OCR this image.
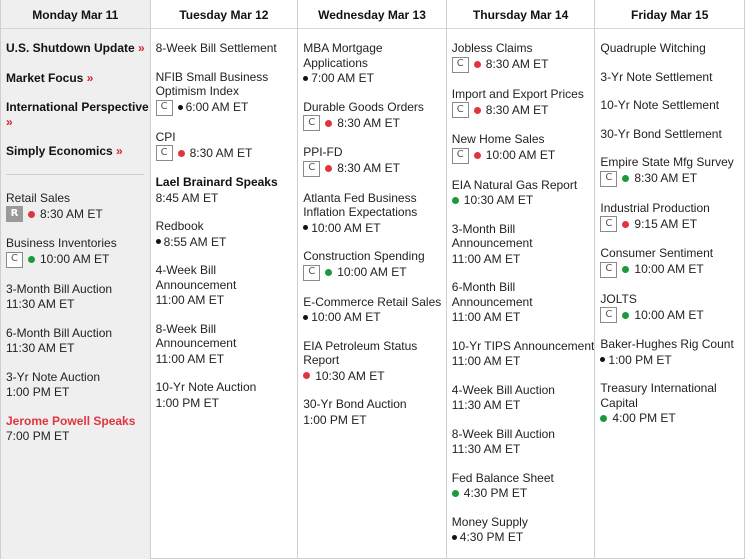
Monday Mar 11
U.S. Shutdown Update »
Market Focus »
International Perspective »
Simply Economics »
Retail Sales
R	8:30 AM ET
Business Inventories
C	10:00 AM ET
3-Month Bill Auction
11:30 AM ET
6-Month Bill Auction
11:30 AM ET
3-Yr Note Auction
1:00 PM ET
Jerome Powell Speaks
7:00 PM ET
Tuesday Mar 12
8-Week Bill Settlement
NFIB Small Business Optimism Index
C	6:00 AM ET
CPI
C	8:30 AM ET
Lael Brainard Speaks
8:45 AM ET
Redbook
8:55 AM ET
4-Week Bill Announcement
11:00 AM ET
8-Week Bill Announcement
11:00 AM ET
10-Yr Note Auction
1:00 PM ET
Wednesday Mar 13
MBA Mortgage Applications
7:00 AM ET
Durable Goods Orders
C	8:30 AM ET
PPI-FD
C	8:30 AM ET
Atlanta Fed Business Inflation Expectations
10:00 AM ET
Construction Spending
C	10:00 AM ET
E-Commerce Retail Sales
10:00 AM ET
EIA Petroleum Status Report
10:30 AM ET
30-Yr Bond Auction
1:00 PM ET
Thursday Mar 14
Jobless Claims
C	8:30 AM ET
Import and Export Prices
C	8:30 AM ET
New Home Sales
C	10:00 AM ET
EIA Natural Gas Report
10:30 AM ET
3-Month Bill Announcement
11:00 AM ET
6-Month Bill Announcement
11:00 AM ET
10-Yr TIPS Announcement
11:00 AM ET
4-Week Bill Auction
11:30 AM ET
8-Week Bill Auction
11:30 AM ET
Fed Balance Sheet
4:30 PM ET
Money Supply
4:30 PM ET
Friday Mar 15
Quadruple Witching
3-Yr Note Settlement
10-Yr Note Settlement
30-Yr Bond Settlement
Empire State Mfg Survey
C	8:30 AM ET
Industrial Production
C	9:15 AM ET
Consumer Sentiment
C	10:00 AM ET
JOLTS
C	10:00 AM ET
Baker-Hughes Rig Count
1:00 PM ET
Treasury International Capital
4:00 PM ET
